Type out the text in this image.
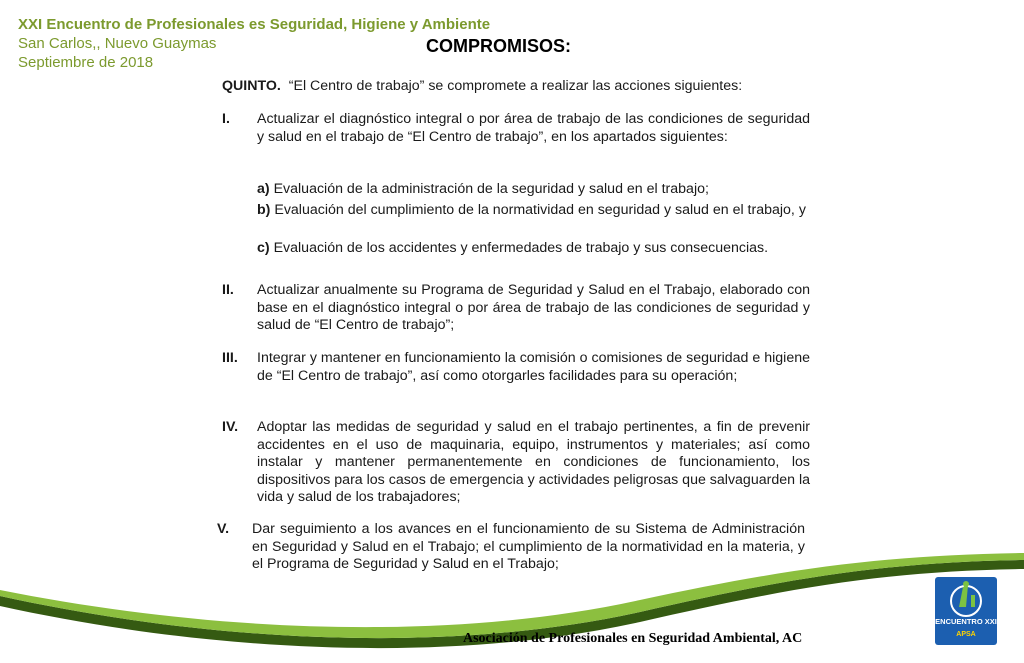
XXI Encuentro de Profesionales es Seguridad, Higiene y Ambiente
San Carlos,, Nuevo Guaymas
Septiembre de 2018
COMPROMISOS:
QUINTO. “El Centro de trabajo” se compromete a realizar las acciones siguientes:
I. Actualizar el diagnóstico integral o por área de trabajo de las condiciones de seguridad y salud en el trabajo de “El Centro de trabajo”, en los apartados siguientes:
a) Evaluación de la administración de la seguridad y salud en el trabajo;
b) Evaluación del cumplimiento de la normatividad en seguridad y salud en el trabajo, y
c) Evaluación de los accidentes y enfermedades de trabajo y sus consecuencias.
II. Actualizar anualmente su Programa de Seguridad y Salud en el Trabajo, elaborado con base en el diagnóstico integral o por área de trabajo de las condiciones de seguridad y salud de “El Centro de trabajo”;
III. Integrar y mantener en funcionamiento la comisión o comisiones de seguridad e higiene de “El Centro de trabajo”, así como otorgarles facilidades para su operación;
IV. Adoptar las medidas de seguridad y salud en el trabajo pertinentes, a fin de prevenir accidentes en el uso de maquinaria, equipo, instrumentos y materiales; así como instalar y mantener permanentemente en condiciones de funcionamiento, los dispositivos para los casos de emergencia y actividades peligrosas que salvaguarden la vida y salud de los trabajadores;
V. Dar seguimiento a los avances en el funcionamiento de su Sistema de Administración en Seguridad y Salud en el Trabajo; el cumplimiento de la normatividad en la materia, y el Programa de Seguridad y Salud en el Trabajo;
Asociación de Profesionales en Seguridad Ambiental, AC
ENCUENTRO XXI
APSA
